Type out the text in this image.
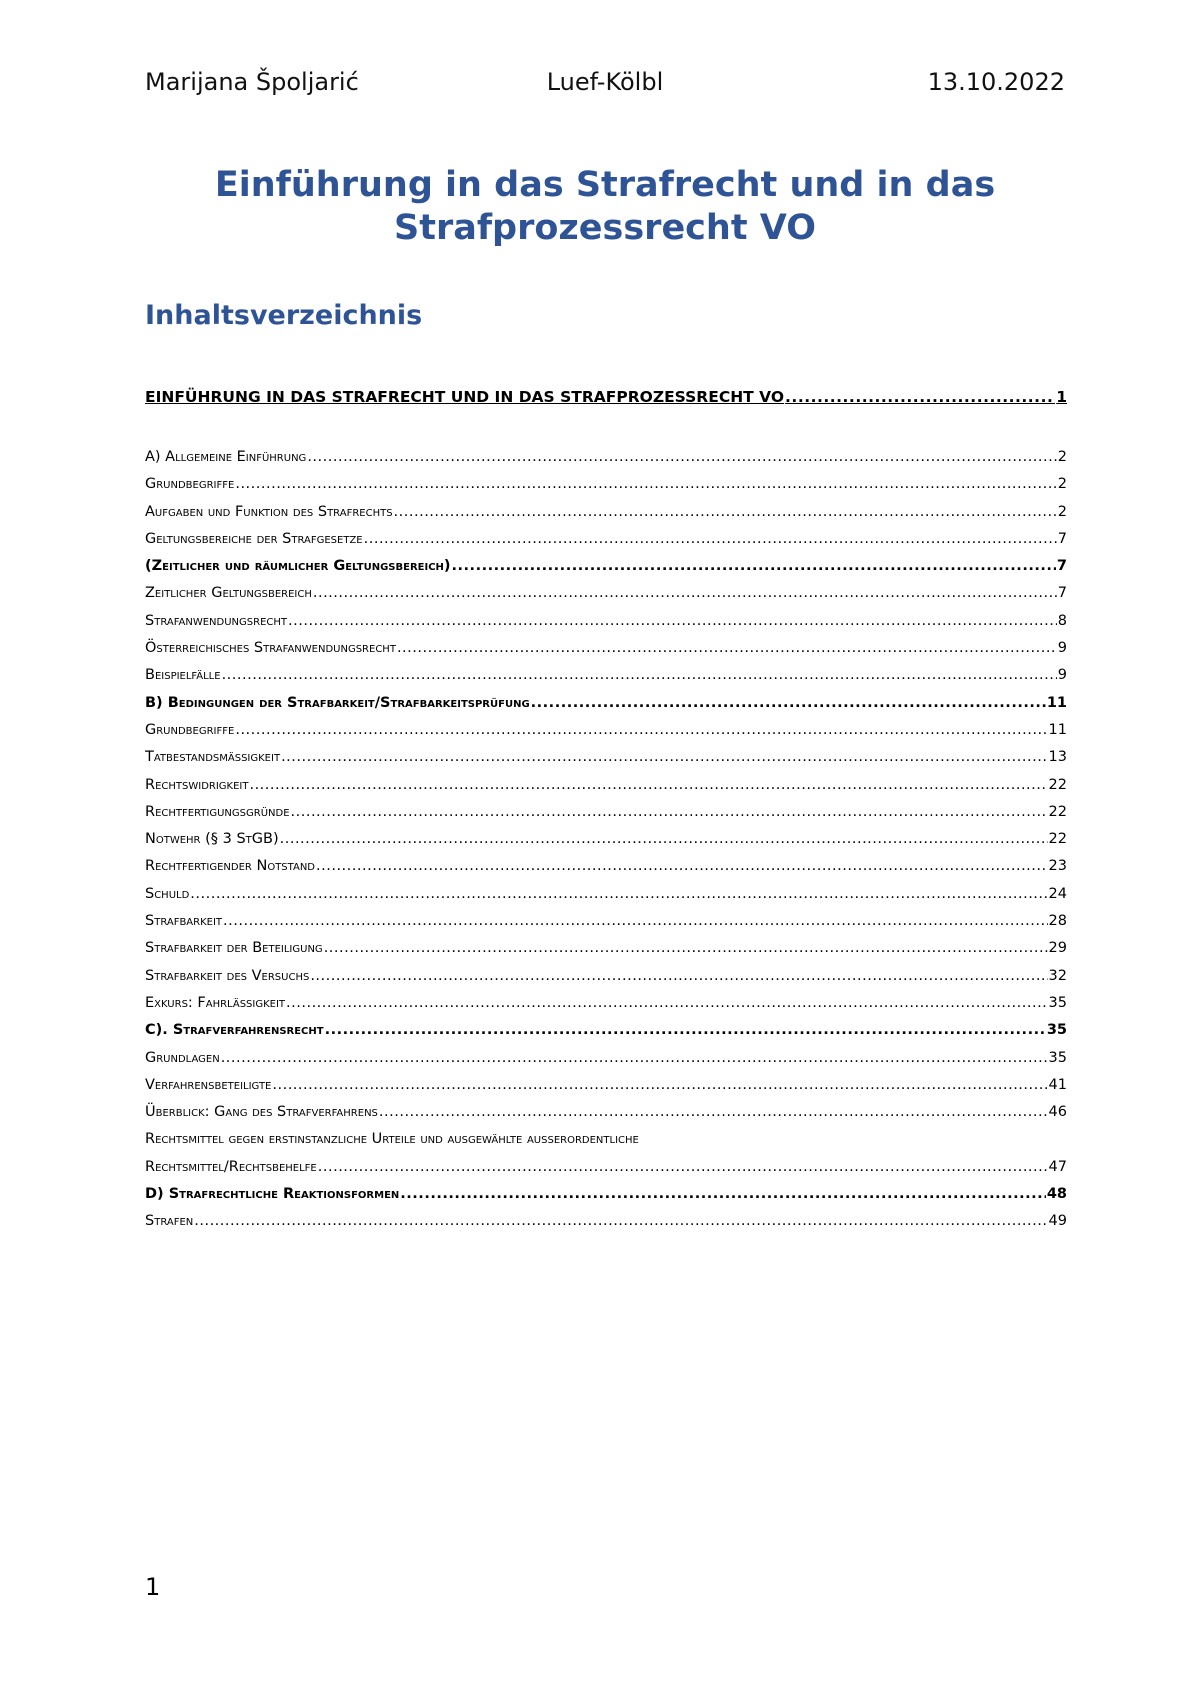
Marijana Špoljarić	Luef-Kölbl	13.10.2022
Einführung in das Strafrecht und in das Strafprozessrecht VO
Inhaltsverzeichnis
EINFÜHRUNG IN DAS STRAFRECHT UND IN DAS STRAFPROZESSRECHT VO .....	1
A) Allgemeine Einführung .....	2
Grundbegriffe .....	2
Aufgaben und Funktion des Strafrechts .....	2
Geltungsbereiche der Strafgesetze .....	7
(Zeitlicher und räumlicher Geltungsbereich) .....	7
Zeitlicher Geltungsbereich .....	7
Strafanwendungsrecht .....	8
Österreichisches Strafanwendungsrecht .....	9
Beispielfälle .....	9
B) Bedingungen der Strafbarkeit/Strafbarkeitsprüfung .....	11
Grundbegriffe .....	11
Tatbestandsmässigkeit .....	13
Rechtswidrigkeit .....	22
Rechtfertigungsgründe .....	22
Notwehr (§ 3 StGB) .....	22
Rechtfertigender Notstand .....	23
Schuld .....	24
Strafbarkeit .....	28
Strafbarkeit der Beteiligung .....	29
Strafbarkeit des Versuchs .....	32
Exkurs: Fahrlässigkeit .....	35
C). Strafverfahrensrecht .....	35
Grundlagen .....	35
Verfahrensbeteiligte .....	41
Überblick: Gang des Strafverfahrens .....	46
Rechtsmittel gegen erstinstanzliche Urteile und ausgewählte ausserordentliche
Rechtsmittel/Rechtsbehelfe .....	47
D) Strafrechtliche Reaktionsformen .....	48
Strafen .....	49
1
